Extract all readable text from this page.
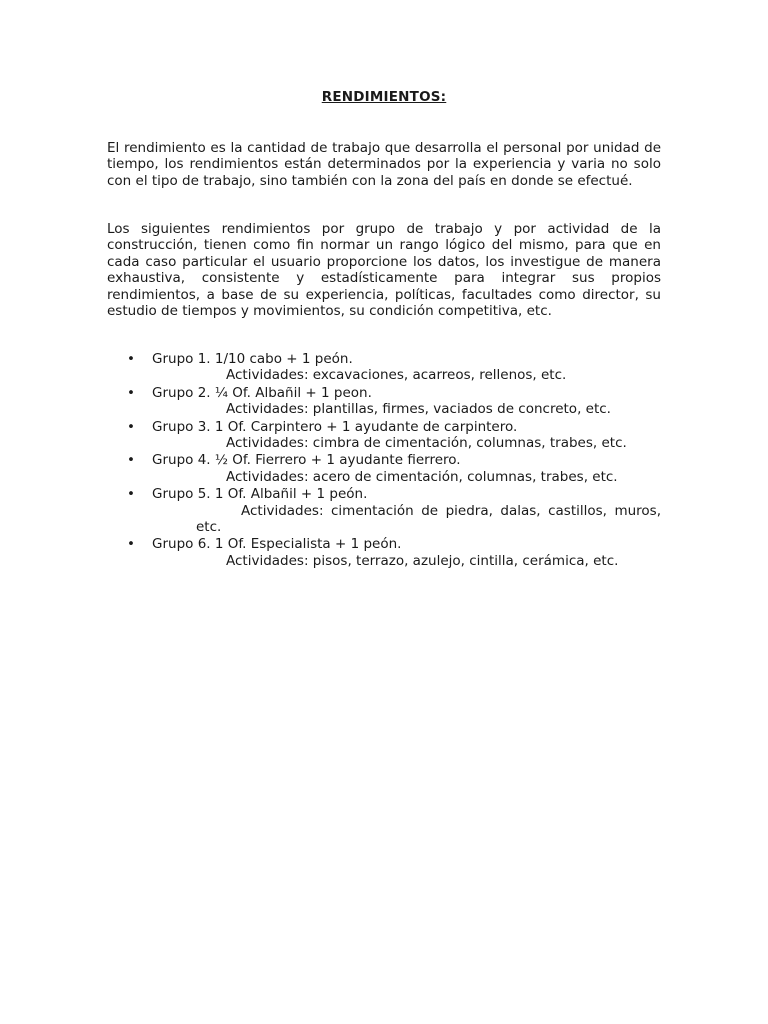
RENDIMIENTOS:

El rendimiento es la cantidad de trabajo que desarrolla el personal por unidad de tiempo, los rendimientos están determinados por la experiencia y varia no solo con el tipo de trabajo, sino también con la zona del país en donde se efectué.

Los siguientes rendimientos por grupo de trabajo y por actividad de la construcción, tienen como fin normar un rango lógico del mismo, para que en cada caso particular el usuario proporcione los datos, los investigue de manera exhaustiva, consistente y estadísticamente para integrar sus propios rendimientos, a base de su experiencia, políticas, facultades como director, su estudio de tiempos y movimientos, su condición competitiva, etc.

• Grupo 1. 1/10 cabo + 1 peón.
Actividades: excavaciones, acarreos, rellenos, etc.
• Grupo 2. ¼ Of. Albañil + 1 peon.
Actividades: plantillas, firmes, vaciados de concreto, etc.
• Grupo 3. 1 Of. Carpintero + 1 ayudante de carpintero.
Actividades: cimbra de cimentación, columnas, trabes, etc.
• Grupo 4. ½ Of. Fierrero + 1 ayudante fierrero.
Actividades: acero de cimentación, columnas, trabes, etc.
• Grupo 5. 1 Of. Albañil + 1 peón.
Actividades: cimentación de piedra, dalas, castillos, muros,
etc.
• Grupo 6. 1 Of. Especialista + 1 peón.
Actividades: pisos, terrazo, azulejo, cintilla, cerámica, etc.
